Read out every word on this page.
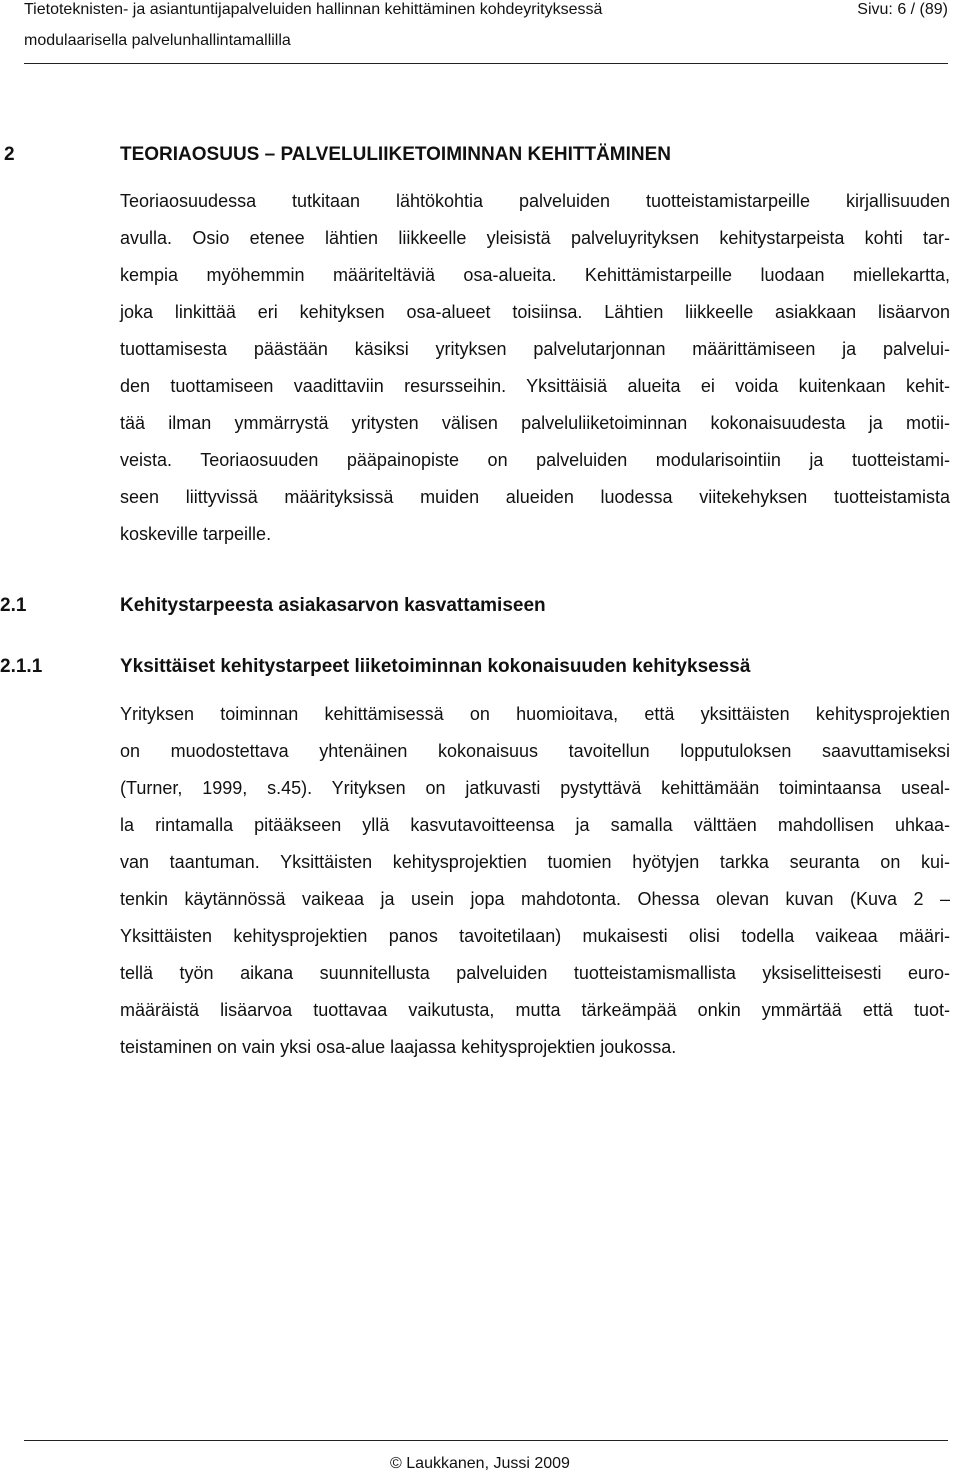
Tietoteknisten- ja asiantuntijapalveluiden hallinnan kehittäminen kohdeyrityksessä	Sivu: 6 / (89)
modulaarisella palvelunhallintamallilla
2	TEORIAOSUUS – PALVELULIIKETOIMINNAN KEHITTÄMINEN
Teoriaosuudessa tutkitaan lähtökohtia palveluiden tuotteistamistarpeille kirjallisuuden
avulla. Osio etenee lähtien liikkeelle yleisistä palveluyrityksen kehitystarpeista kohti tar-
kempia myöhemmin määriteltäviä osa-alueita. Kehittämistarpeille luodaan miellekartta,
joka linkittää eri kehityksen osa-alueet toisiinsa. Lähtien liikkeelle asiakkaan lisäarvon
tuottamisesta päästään käsiksi yrityksen palvelutarjonnan määrittämiseen ja palvelui-
den tuottamiseen vaadittaviin resursseihin. Yksittäisiä alueita ei voida kuitenkaan kehit-
tää ilman ymmärrystä yritysten välisen palveluliiketoiminnan kokonaisuudesta ja motii-
veista. Teoriaosuuden pääpainopiste on palveluiden modularisointiin ja tuotteistami-
seen liittyvissä määrityksissä muiden alueiden luodessa viitekehyksen tuotteistamista
koskeville tarpeille.
2.1	Kehitystarpeesta asiakasarvon kasvattamiseen
2.1.1	Yksittäiset kehitystarpeet liiketoiminnan kokonaisuuden kehityksessä
Yrityksen toiminnan kehittämisessä on huomioitava, että yksittäisten kehitysprojektien
on muodostettava yhtenäinen kokonaisuus tavoitellun lopputuloksen saavuttamiseksi
(Turner, 1999, s.45). Yrityksen on jatkuvasti pystyttävä kehittämään toimintaansa useal-
la rintamalla pitääkseen yllä kasvutavoitteensa ja samalla välttäen mahdollisen uhkaa-
van taantuman. Yksittäisten kehitysprojektien tuomien hyötyjen tarkka seuranta on kui-
tenkin käytännössä vaikeaa ja usein jopa mahdotonta. Ohessa olevan kuvan (Kuva 2 –
Yksittäisten kehitysprojektien panos tavoitetilaan) mukaisesti olisi todella vaikeaa määri-
tellä työn aikana suunnitellusta palveluiden tuotteistamismallista yksiselitteisesti euro-
määräistä lisäarvoa tuottavaa vaikutusta, mutta tärkeämpää onkin ymmärtää että tuot-
teistaminen on vain yksi osa-alue laajassa kehitysprojektien joukossa.
© Laukkanen, Jussi 2009
